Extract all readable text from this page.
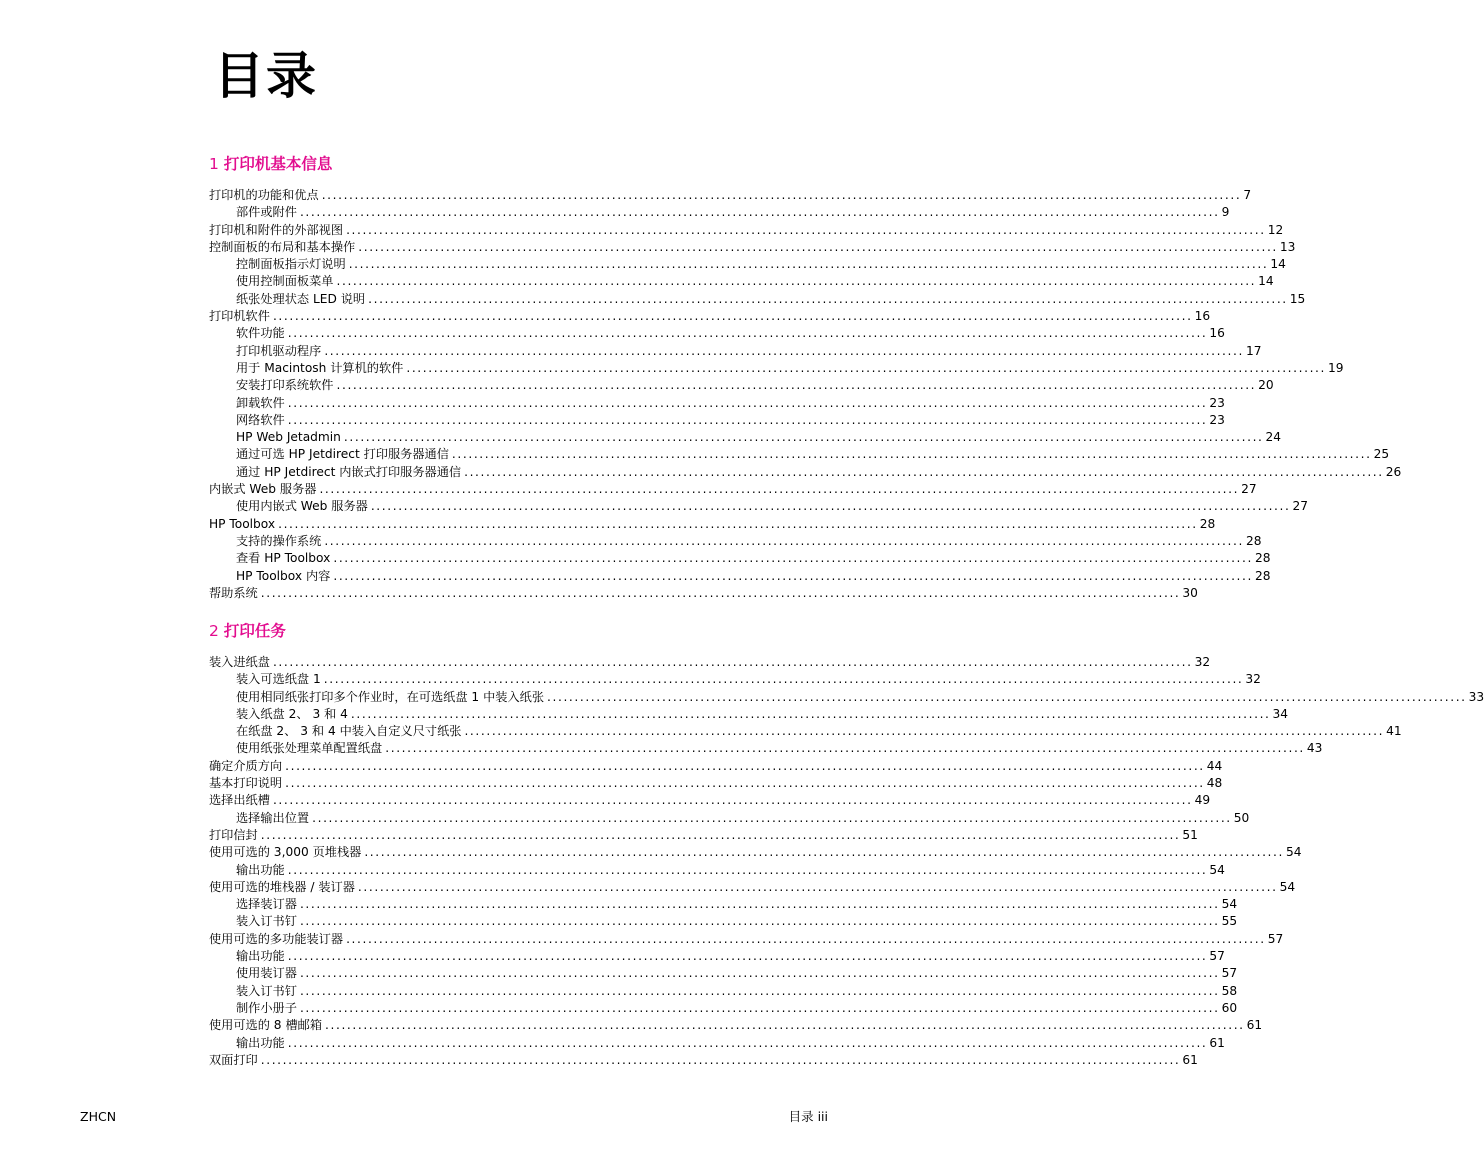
目录
1 打印机基本信息
打印机的功能和优点 ........................................................................................................................................................................ 7
部件或附件 ........................................................................................................................................................................ 9
打印机和附件的外部视图 ........................................................................................................................................................................ 12
控制面板的布局和基本操作 ........................................................................................................................................................................ 13
控制面板指示灯说明 ........................................................................................................................................................................ 14
使用控制面板菜单 ........................................................................................................................................................................ 14
纸张处理状态 LED 说明 ........................................................................................................................................................................ 15
打印机软件 ........................................................................................................................................................................ 16
软件功能 ........................................................................................................................................................................ 16
打印机驱动程序 ........................................................................................................................................................................ 17
用于 Macintosh 计算机的软件 ........................................................................................................................................................................ 19
安装打印系统软件 ........................................................................................................................................................................ 20
卸载软件 ........................................................................................................................................................................ 23
网络软件 ........................................................................................................................................................................ 23
HP Web Jetadmin ........................................................................................................................................................................ 24
通过可选 HP Jetdirect 打印服务器通信 ........................................................................................................................................................................ 25
通过 HP Jetdirect 内嵌式打印服务器通信 ........................................................................................................................................................................ 26
内嵌式 Web 服务器 ........................................................................................................................................................................ 27
使用内嵌式 Web 服务器 ........................................................................................................................................................................ 27
HP Toolbox ........................................................................................................................................................................ 28
支持的操作系统 ........................................................................................................................................................................ 28
查看 HP Toolbox ........................................................................................................................................................................ 28
HP Toolbox 内容 ........................................................................................................................................................................ 28
帮助系统 ........................................................................................................................................................................ 30
2 打印任务
装入进纸盘 ........................................................................................................................................................................ 32
装入可选纸盘 1 ........................................................................................................................................................................ 32
使用相同纸张打印多个作业时，在可选纸盘 1 中装入纸张 ........................................................................................................................................................................ 33
装入纸盘 2、 3 和 4 ........................................................................................................................................................................ 34
在纸盘 2、 3 和 4 中装入自定义尺寸纸张 ........................................................................................................................................................................ 41
使用纸张处理菜单配置纸盘 ........................................................................................................................................................................ 43
确定介质方向 ........................................................................................................................................................................ 44
基本打印说明 ........................................................................................................................................................................ 48
选择出纸槽 ........................................................................................................................................................................ 49
选择输出位置 ........................................................................................................................................................................ 50
打印信封 ........................................................................................................................................................................ 51
使用可选的 3,000 页堆栈器 ........................................................................................................................................................................ 54
输出功能 ........................................................................................................................................................................ 54
使用可选的堆栈器 / 装订器 ........................................................................................................................................................................ 54
选择装订器 ........................................................................................................................................................................ 54
装入订书钉 ........................................................................................................................................................................ 55
使用可选的多功能装订器 ........................................................................................................................................................................ 57
输出功能 ........................................................................................................................................................................ 57
使用装订器 ........................................................................................................................................................................ 57
装入订书钉 ........................................................................................................................................................................ 58
制作小册子 ........................................................................................................................................................................ 60
使用可选的 8 槽邮箱 ........................................................................................................................................................................ 61
输出功能 ........................................................................................................................................................................ 61
双面打印 ........................................................................................................................................................................ 61
ZHCN	目录 iii
